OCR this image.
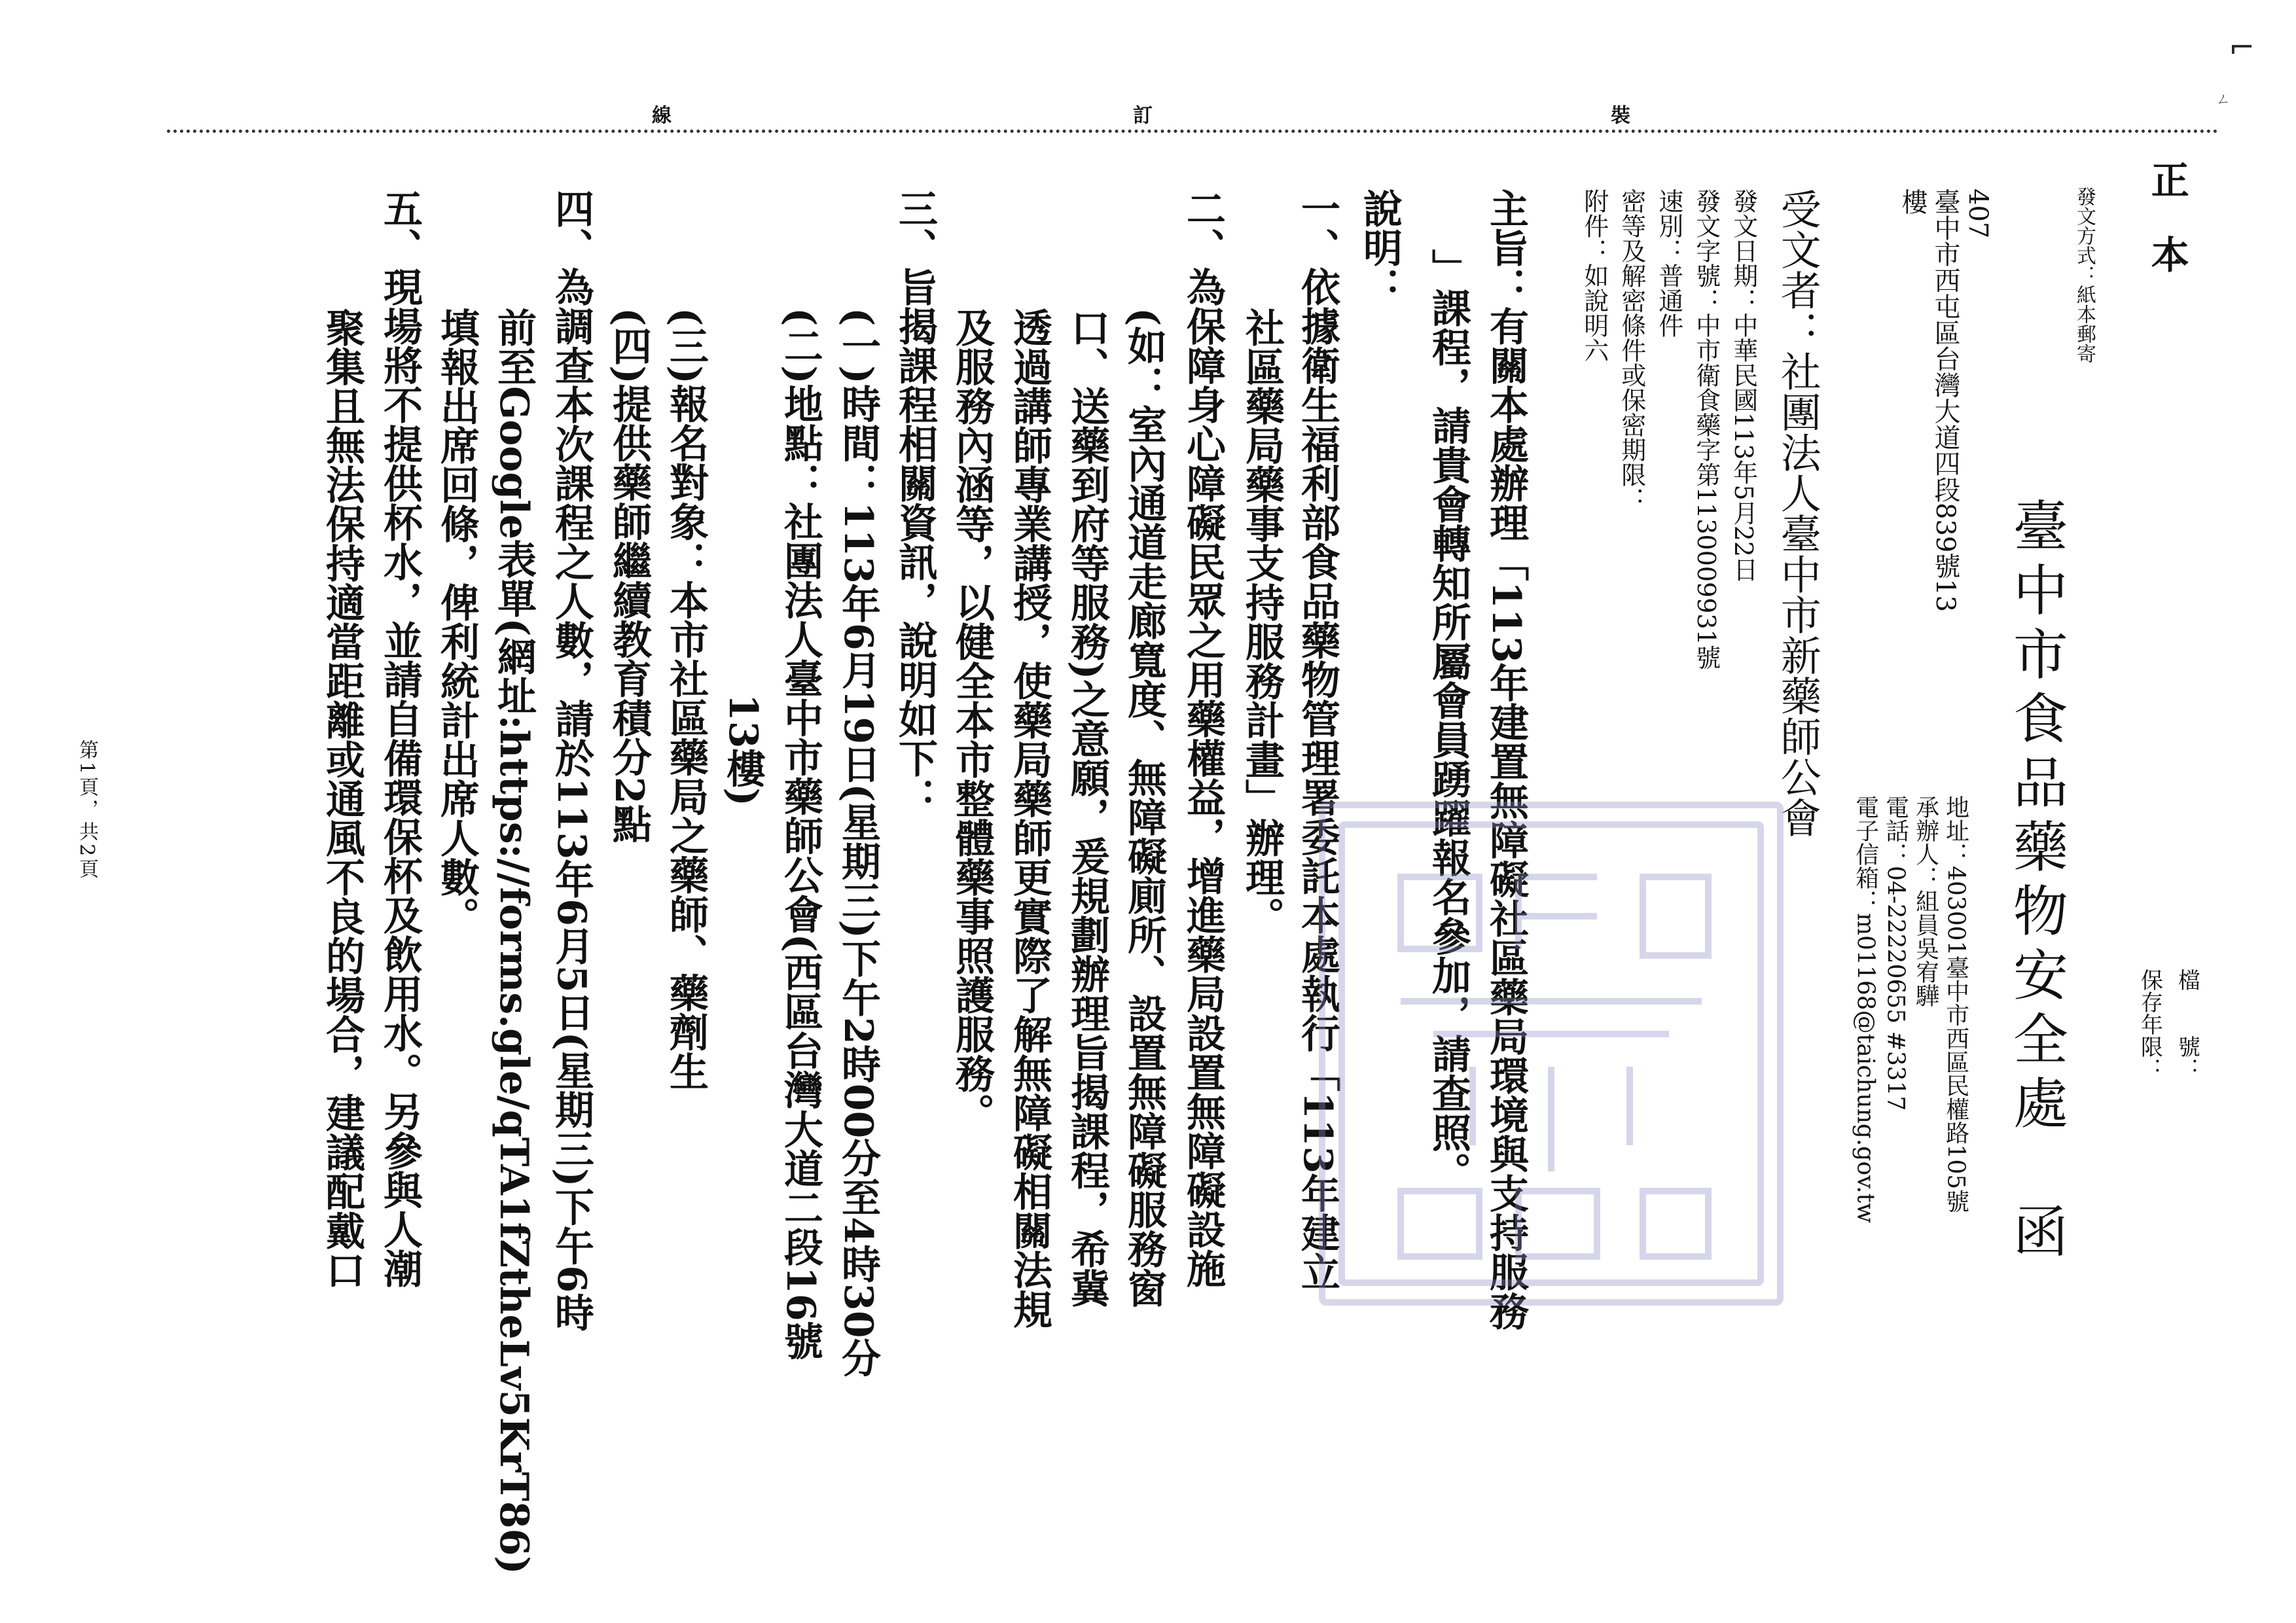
⌐
ㄥ
正 本
發文方式：紙本郵寄
裝
訂
線
檔　　號：
保存年限：
臺中市食品藥物安全處　函
地址：403001臺中市西區民權路105號
承辦人：組員吳宥驊
電話：04-22220655 #3317
電子信箱：m01168@taichung.gov.tw
407
臺中市西屯區台灣大道四段839號13
樓
受文者：社團法人臺中市新藥師公會
發文日期：中華民國113年5月22日
發文字號：中市衛食藥字第1130009931號
速別：普通件
密等及解密條件或保密期限：
附件：如說明六
主旨：有關本處辦理「113年建置無障礙社區藥局環境與支持服務
」課程，請貴會轉知所屬會員踴躍報名參加，請查照。
說明：
一、依據衛生福利部食品藥物管理署委託本處執行「113年建立
社區藥局藥事支持服務計畫」辦理。
二、為保障身心障礙民眾之用藥權益，增進藥局設置無障礙設施
(如：室內通道走廊寬度、無障礙廁所、設置無障礙服務窗
口、送藥到府等服務)之意願，爰規劃辦理旨揭課程，希冀
透過講師專業講授，使藥局藥師更實際了解無障礙相關法規
及服務內涵等，以健全本市整體藥事照護服務。
三、旨揭課程相關資訊，說明如下：
(一)時間：113年6月19日(星期三)下午2時00分至4時30分
(二)地點：社團法人臺中市藥師公會(西區台灣大道二段16號
13樓)
(三)報名對象：本市社區藥局之藥師、藥劑生
(四)提供藥師繼續教育積分2點
四、為調查本次課程之人數，請於113年6月5日(星期三)下午6時
前至Google表單(網址:https://forms.gle/qTA1fZtheLv5KrT86)
填報出席回條，俾利統計出席人數。
五、現場將不提供杯水，並請自備環保杯及飲用水。另參與人潮
聚集且無法保持適當距離或通風不良的場合，建議配戴口
第1頁，共2頁
